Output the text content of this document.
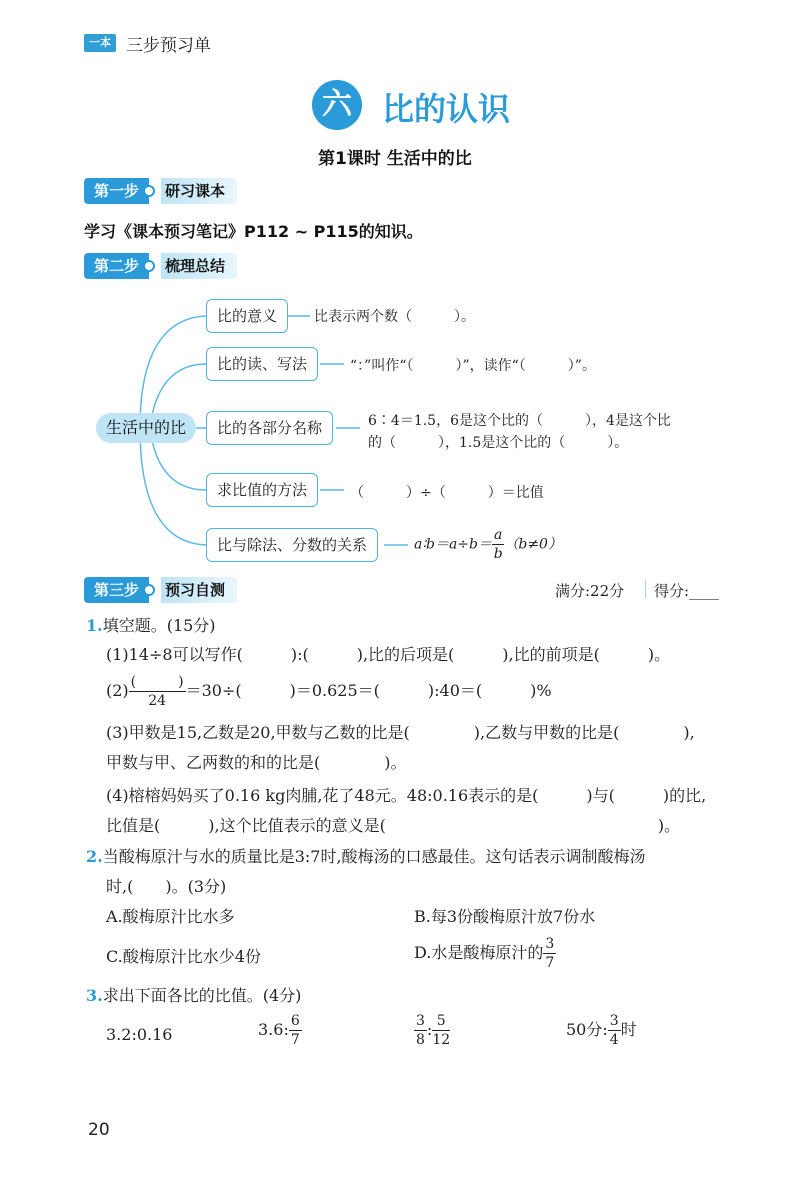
一本 三步预习单
六 比的认识
第1课时 生活中的比
第一步	研习课本
学习《课本预习笔记》P112 ~ P115的知识。
第二步	梳理总结
生活中的比
比的意义	比表示两个数（　　　）。
比的读、写法	“：”叫作“（　　　）”，读作“（　　　）”。
比的各部分名称	6∶4＝1.5，6是这个比的（　　　），4是这个比
的（　　　），1.5是这个比的（　　　）。
求比值的方法	（　　　）÷（　　　）＝比值
比与除法、分数的关系	a∶b＝a÷b＝ $\frac{a}{b} (b\ne 0)$
第三步	预习自测	满分:22分 得分:____
1.填空题。(15分)
(1)14÷8可以写作(　　　):(　　　),比的后项是(　　　),比的前项是(　　　)。
$(2) \frac{( )}{24} =30\div$(　　　)＝0.625＝(　　　):40＝(　　　)%
(3)甲数是15,乙数是20,甲数与乙数的比是(　　　　),乙数与甲数的比是(　　　　),
甲数与甲、乙两数的和的比是(　　　　)。
(4)榕榕妈妈买了0.16 kg肉脯,花了48元。48:0.16表示的是(　　　)与(　　　)的比,
比值是(　　　),这个比值表示的意义是(　　　　　　　　　　　　　　　　　)。
2.当酸梅原汁与水的质量比是3:7时,酸梅汤的口感最佳。这句话表示调制酸梅汤
时,(　　)。(3分)
A.酸梅原汁比水多	B.每3份酸梅原汁放7份水
C.酸梅原汁比水少4份	D.水是酸梅原汁的 $\frac{3}{7}$
3.求出下面各比的比值。(4分)
3.2:0.16	3.6: $\frac{6}{7}$	$\frac{3}{8}$ : $\frac{5}{12}$	50分: $\frac{3}{4}$ 时
20
